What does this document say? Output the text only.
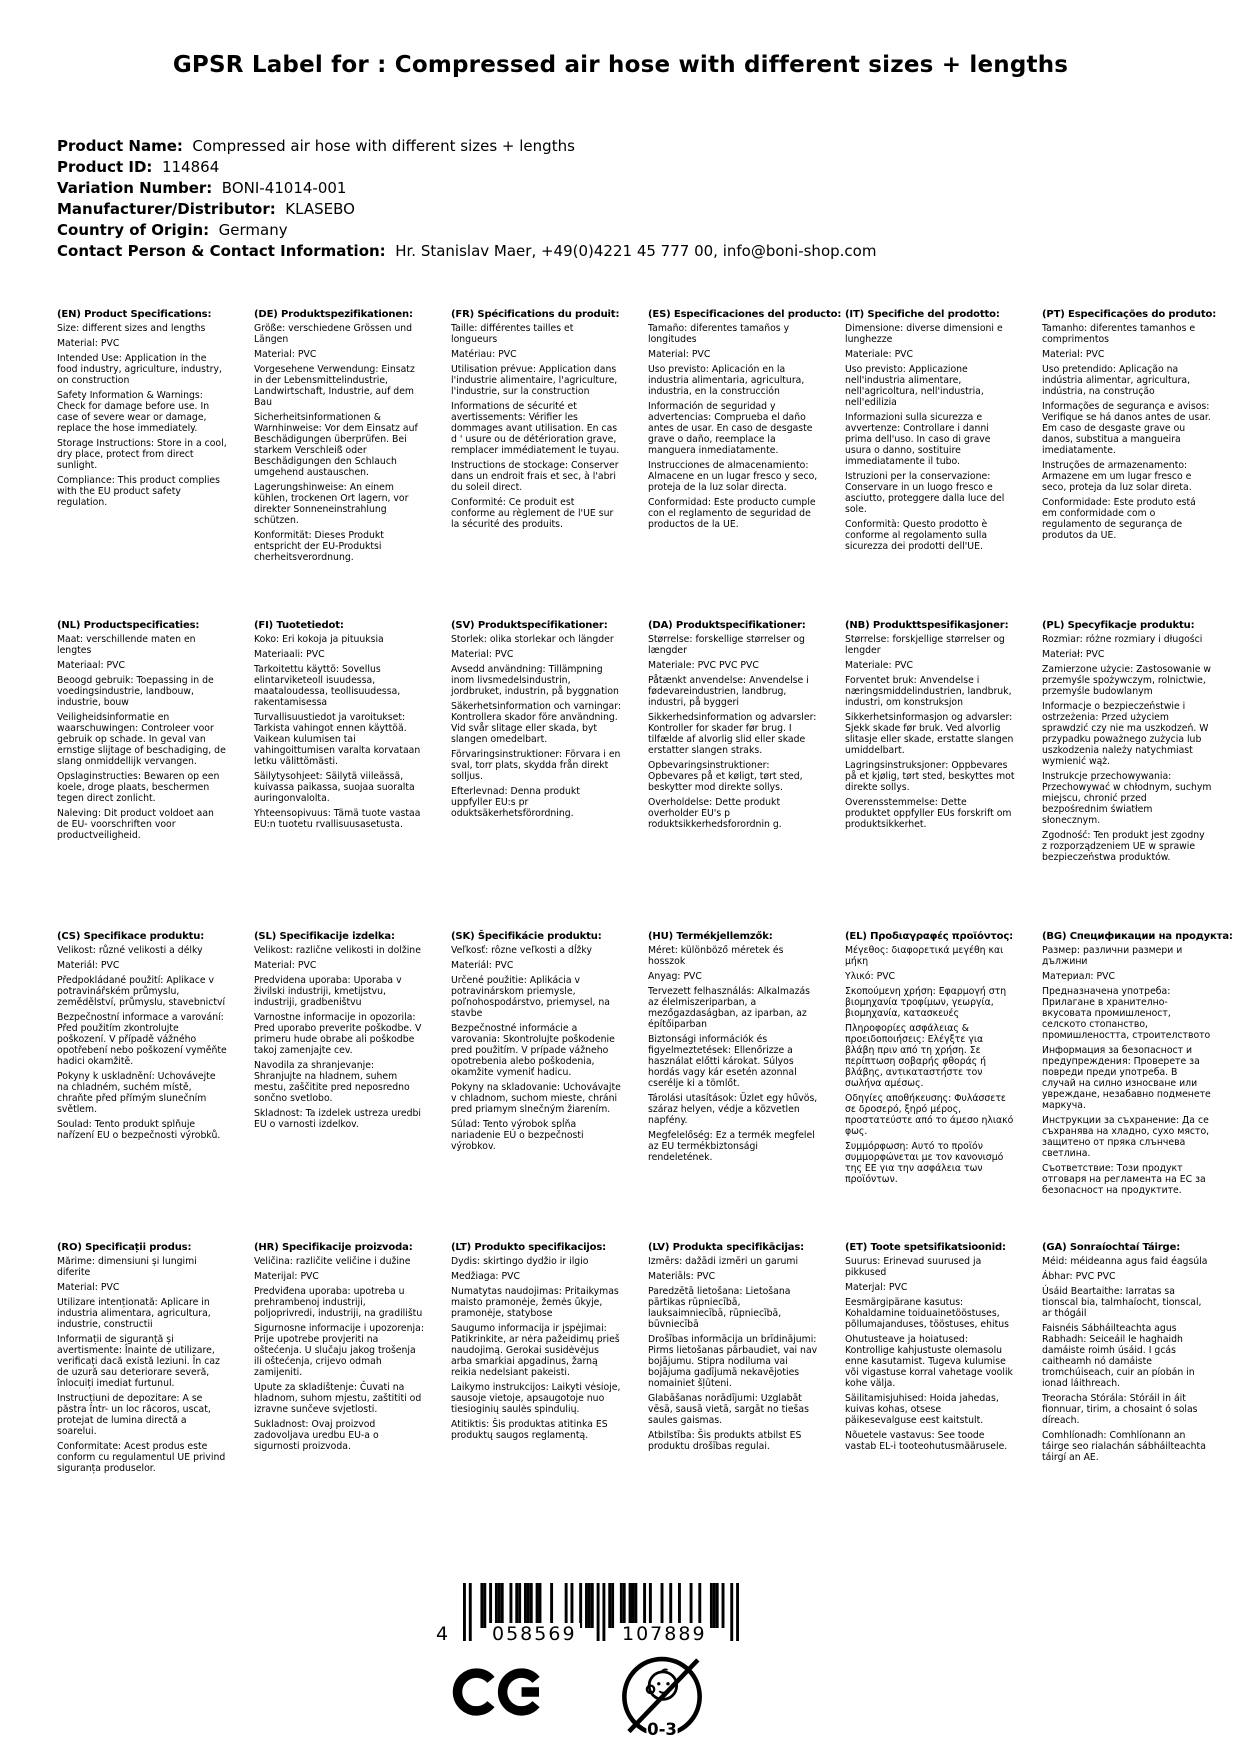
GPSR Label for : Compressed air hose with different sizes + lengths
Product Name:  Compressed air hose with different sizes + lengths
Product ID:  114864
Variation Number:  BONI-41014-001
Manufacturer/Distributor:  KLASEBO
Country of Origin:  Germany
Contact Person & Contact Information:  Hr. Stanislav Maer, +49(0)4221 45 777 00, info@boni-shop.com
(EN) Product Specifications:

Size: different sizes and lengths

Material: PVC

Intended Use: Application in the food industry, agriculture, industry, on construction

Safety Information & Warnings: Check for damage before use. In case of severe wear or damage, replace the hose immediately.

Storage Instructions: Store in a cool, dry place, protect from direct sunlight.

Compliance: This product complies with the EU product safety regulation.

(DE) Produktspezifikationen:

Größe: verschiedene Grössen und Längen

Material: PVC

Vorgesehene Verwendung: Einsatz in der Lebensmittelindustrie, Landwirtschaft, Industrie, auf dem Bau

Sicherheitsinformationen & Warnhinweise: Vor dem Einsatz auf Beschädigungen überprüfen. Bei starkem Verschleiß oder Beschädigungen den Schlauch umgehend austauschen.

Lagerungshinweise: An einem kühlen, trockenen Ort lagern, vor direkter Sonneneinstrahlung schützen.

Konformität: Dieses Produkt entspricht der EU-Produktsi cherheitsverordnung.

(FR) Spécifications du produit:

Taille: différentes tailles et longueurs

Matériau: PVC

Utilisation prévue: Application dans l'industrie alimentaire, l'agriculture, l'industrie, sur la construction

Informations de sécurité et avertissements: Vérifier les dommages avant utilisation. En cas d ' usure ou de détérioration grave, remplacer immédiatement le tuyau.

Instructions de stockage: Conserver dans un endroit frais et sec, à l'abri du soleil direct.

Conformité: Ce produit est conforme au règlement de l'UE sur la sécurité des produits.

(ES) Especificaciones del producto:

Tamaño: diferentes tamaños y longitudes

Material: PVC

Uso previsto: Aplicación en la industria alimentaria, agricultura, industria, en la construcción

Información de seguridad y advertencias: Comprueba el daño antes de usar. En caso de desgaste grave o daño, reemplace la manguera inmediatamente.

Instrucciones de almacenamiento: Almacene en un lugar fresco y seco, proteja de la luz solar directa.

Conformidad: Este producto cumple con el reglamento de seguridad de productos de la UE.

(IT) Specifiche del prodotto:

Dimensione: diverse dimensioni e lunghezze

Materiale: PVC

Uso previsto: Applicazione nell'industria alimentare, nell'agricoltura, nell'industria, nell'edilizia

Informazioni sulla sicurezza e avvertenze: Controllare i danni prima dell'uso. In caso di grave usura o danno, sostituire immediatamente il tubo.

Istruzioni per la conservazione: Conservare in un luogo fresco e asciutto, proteggere dalla luce del sole.

Conformità: Questo prodotto è conforme al regolamento sulla sicurezza dei prodotti dell'UE.

(PT) Especificações do produto:

Tamanho: diferentes tamanhos e comprimentos

Material: PVC

Uso pretendido: Aplicação na indústria alimentar, agricultura, indústria, na construção

Informações de segurança e avisos: Verifique se há danos antes de usar. Em caso de desgaste grave ou danos, substitua a mangueira imediatamente.

Instruções de armazenamento: Armazene em um lugar fresco e seco, proteja da luz solar direta.

Conformidade: Este produto está em conformidade com o regulamento de segurança de produtos da UE.

(NL) Productspecificaties:

Maat: verschillende maten en lengtes

Materiaal: PVC

Beoogd gebruik: Toepassing in de voedingsindustrie, landbouw, industrie, bouw

Veiligheidsinformatie en waarschuwingen: Controleer voor gebruik op schade. In geval van ernstige slijtage of beschadiging, de slang onmiddellijk vervangen.

Opslaginstructies: Bewaren op een koele, droge plaats, beschermen tegen direct zonlicht.

Naleving: Dit product voldoet aan de EU- voorschriften voor productveiligheid.

(FI) Tuotetiedot:

Koko: Eri kokoja ja pituuksia

Materiaali: PVC

Tarkoitettu käyttö: Sovellus elintarviketeoll isuudessa, maataloudessa, teollisuudessa, rakentamisessa

Turvallisuustiedot ja varoitukset: Tarkista vahingot ennen käyttöä. Vaikean kulumisen tai vahingoittumisen varalta korvataan letku välittömästi.

Säilytysohjeet: Säilytä viileässä, kuivassa paikassa, suojaa suoralta auringonvalolta.

Yhteensopivuus: Tämä tuote vastaa EU:n tuotetu rvallisuusasetusta.

(SV) Produktspecifikationer:

Storlek: olika storlekar och längder

Material: PVC

Avsedd användning: Tillämpning inom livsmedelsindustrin, jordbruket, industrin, på byggnation

Säkerhetsinformation och varningar: Kontrollera skador före användning. Vid svår slitage eller skada, byt slangen omedelbart.

Förvaringsinstruktioner: Förvara i en sval, torr plats, skydda från direkt solljus.

Efterlevnad: Denna produkt uppfyller EU:s pr oduktsäkerhetsförordning.

(DA) Produktspecifikationer:

Størrelse: forskellige størrelser og længder

Materiale: PVC PVC PVC

Påtænkt anvendelse: Anvendelse i fødevareindustrien, landbrug, industri, på byggeri

Sikkerhedsinformation og advarsler: Kontroller for skader før brug. I tilfælde af alvorlig slid eller skade erstatter slangen straks.

Opbevaringsinstruktioner: Opbevares på et køligt, tørt sted, beskytter mod direkte sollys.

Overholdelse: Dette produkt overholder EU's p roduktsikkerhedsforordnin g.

(NB) Produkttspesifikasjoner:

Størrelse: forskjellige størrelser og lengder

Materiale: PVC

Forventet bruk: Anvendelse i næringsmiddelindustrien, landbruk, industri, om konstruksjon

Sikkerhetsinformasjon og advarsler: Sjekk skade før bruk. Ved alvorlig slitasje eller skade, erstatte slangen umiddelbart.

Lagringsinstruksjoner: Oppbevares på et kjølig, tørt sted, beskyttes mot direkte sollys.

Overensstemmelse: Dette produktet oppfyller EUs forskrift om produktsikkerhet.

(PL) Specyfikacje produktu:

Rozmiar: różne rozmiary i długości

Materiał: PVC

Zamierzone użycie: Zastosowanie w przemyśle spożywczym, rolnictwie, przemyśle budowlanym

Informacje o bezpieczeństwie i ostrzeżenia: Przed użyciem sprawdzić czy nie ma uszkodzeń. W przypadku poważnego zużycia lub uszkodzenia należy natychmiast wymienić wąż.

Instrukcje przechowywania: Przechowywać w chłodnym, suchym miejscu, chronić przed bezpośrednim światłem słonecznym.

Zgodność: Ten produkt jest zgodny z rozporządzeniem UE w sprawie bezpieczeństwa produktów.

(CS) Specifikace produktu:

Velikost: různé velikosti a délky

Materiál: PVC

Předpokládané použití: Aplikace v potravinářském průmyslu, zemědělství, průmyslu, stavebnictví

Bezpečnostní informace a varování: Před použitím zkontrolujte poškození. V případě vážného opotřebení nebo poškození vyměňte hadici okamžitě.

Pokyny k uskladnění: Uchovávejte na chladném, suchém místě, chraňte před přímým slunečním světlem.

Soulad: Tento produkt splňuje nařízení EU o bezpečnosti výrobků.

(SL) Specifikacije izdelka:

Velikost: različne velikosti in dolžine

Material: PVC

Predvidena uporaba: Uporaba v živilski industriji, kmetijstvu, industriji, gradbeništvu

Varnostne informacije in opozorila: Pred uporabo preverite poškodbe. V primeru hude obrabe ali poškodbe takoj zamenjajte cev.

Navodila za shranjevanje: Shranjujte na hladnem, suhem mestu, zaščitite pred neposredno sončno svetlobo.

Skladnost: Ta izdelek ustreza uredbi EU o varnosti izdelkov.

(SK) Špecifikácie produktu:

Veľkosť: rôzne veľkosti a dĺžky

Materiál: PVC

Určené použitie: Aplikácia v potravinárskom priemysle, poľnohospodárstvo, priemysel, na stavbe

Bezpečnostné informácie a varovania: Skontrolujte poškodenie pred použitím. V prípade vážneho opotrebenia alebo poškodenia, okamžite vymeniť hadicu.

Pokyny na skladovanie: Uchovávajte v chladnom, suchom mieste, chráni pred priamym slnečným žiarením.

Súlad: Tento výrobok spĺňa nariadenie EÚ o bezpečnosti výrobkov.

(HU) Termékjellemzők:

Méret: különböző méretek és hosszok

Anyag: PVC

Tervezett felhasználás: Alkalmazás az élelmiszeriparban, a mezőgazdaságban, az iparban, az építőiparban

Biztonsági információk és figyelmeztetések: Ellenőrizze a használat előtti károkat. Súlyos hordás vagy kár esetén azonnal cserélje ki a tömlőt.

Tárolási utasítások: Üzlet egy hűvös, száraz helyen, védje a közvetlen napfény.

Megfelelőség: Ez a termék megfelel az EU termékbiztonsági rendeletének.

(EL) Προδιαγραφές προϊόντος:

Μέγεθος: διαφορετικά μεγέθη και μήκη

Υλικό: PVC

Σκοπούμενη χρήση: Εφαρμογή στη βιομηχανία τροφίμων, γεωργία, βιομηχανία, κατασκευές

Πληροφορίες ασφάλειας & προειδοποιήσεις: Ελέγξτε για βλάβη πριν από τη χρήση. Σε περίπτωση σοβαρής φθοράς ή βλάβης, αντικαταστήστε τον σωλήνα αμέσως.

Οδηγίες αποθήκευσης: Φυλάσσετε σε δροσερό, ξηρό μέρος, προστατεύστε από το άμεσο ηλιακό φως.

Συμμόρφωση: Αυτό το προϊόν συμμορφώνεται με τον κανονισμό της ΕΕ για την ασφάλεια των προϊόντων.

(BG) Спецификации на продукта:

Размер: различни размери и дължини

Материал: PVC

Предназначена употреба: Прилагане в хранително- вкусовата промишленост, селското стопанство, промишлеността, строителството

Информация за безопасност и предупреждения: Проверете за повреди преди употреба. В случай на силно износване или увреждане, незабавно подменете маркуча.

Инструкции за съхранение: Да се съхранява на хладно, сухо място, защитено от пряка слънчева светлина.

Съответствие: Този продукт отговаря на регламента на ЕС за безопасност на продуктите.

(RO) Specificații produs:

Mărime: dimensiuni și lungimi diferite

Material: PVC

Utilizare intenționată: Aplicare in industria alimentara, agricultura, industrie, constructii

Informații de siguranță și avertismente: Înainte de utilizare, verificați dacă există leziuni. În caz de uzură sau deteriorare severă, înlocuiți imediat furtunul.

Instrucțiuni de depozitare: A se păstra într- un loc răcoros, uscat, protejat de lumina directă a soarelui.

Conformitate: Acest produs este conform cu regulamentul UE privind siguranța produselor.

(HR) Specifikacije proizvoda:

Veličina: različite veličine i dužine

Materijal: PVC

Predviđena uporaba: upotreba u prehrambenoj industriji, poljoprivredi, industriji, na gradilištu

Sigurnosne informacije i upozorenja: Prije upotrebe provjeriti na oštećenja. U slučaju jakog trošenja ili oštećenja, crijevo odmah zamijeniti.

Upute za skladištenje: Čuvati na hladnom, suhom mjestu, zaštititi od izravne sunčeve svjetlosti.

Sukladnost: Ovaj proizvod zadovoljava uredbu EU-a o sigurnosti proizvoda.

(LT) Produkto specifikacijos:

Dydis: skirtingo dydžio ir ilgio

Medžiaga: PVC

Numatytas naudojimas: Pritaikymas maisto pramonėje, žemės ūkyje, pramonėje, statybose

Saugumo informacija ir įspėjimai: Patikrinkite, ar nėra pažeidimų prieš naudojimą. Gerokai susidėvėjus arba smarkiai apgadinus, žarną reikia nedelsiant pakeisti.

Laikymo instrukcijos: Laikyti vėsioje, sausoje vietoje, apsaugotoje nuo tiesioginių saulės spindulių.

Atitiktis: Šis produktas atitinka ES produktų saugos reglamentą.

(LV) Produkta specifikācijas:

Izmērs: dažādi izmēri un garumi

Materiāls: PVC

Paredzētā lietošana: Lietošana pārtikas rūpniecībā, lauksaimniecībā, rūpniecībā, būvniecībā

Drošības informācija un brīdinājumi: Pirms lietošanas pārbaudiet, vai nav bojājumu. Stipra nodiluma vai bojājuma gadījumā nekavējoties nomainiet šļūteni.

Glabāšanas norādījumi: Uzglabāt vēsā, sausā vietā, sargāt no tiešas saules gaismas.

Atbilstība: Šis produkts atbilst ES produktu drošības regulai.

(ET) Toote spetsifikatsioonid:

Suurus: Erinevad suurused ja pikkused

Materjal: PVC

Eesmärgipärane kasutus: Kohaldamine toiduainetööstuses, põllumajanduses, tööstuses, ehitus

Ohutusteave ja hoiatused: Kontrollige kahjustuste olemasolu enne kasutamist. Tugeva kulumise või vigastuse korral vahetage voolik kohe välja.

Säilitamisjuhised: Hoida jahedas, kuivas kohas, otsese päikesevalguse eest kaitstult.

Nõuetele vastavus: See toode vastab EL-i tooteohutusmäärusele.

(GA) Sonraíochtaí Táirge:

Méid: méideanna agus faid éagsúla

Ábhar: PVC PVC

Úsáid Beartaithe: Iarratas sa tionscal bia, talmhaíocht, tionscal, ar thógáil

Faisnéis Sábháilteachta agus Rabhadh: Seiceáil le haghaidh damáiste roimh úsáid. I gcás caitheamh nó damáiste tromchúiseach, cuir an píobán in ionad láithreach.

Treoracha Stórála: Stóráil in áit fionnuar, tirim, a chosaint ó solas díreach.

Comhlíonadh: Comhlíonann an táirge seo rialachán sábháilteachta táirgí an AE.

4 058569 107889
0-3
